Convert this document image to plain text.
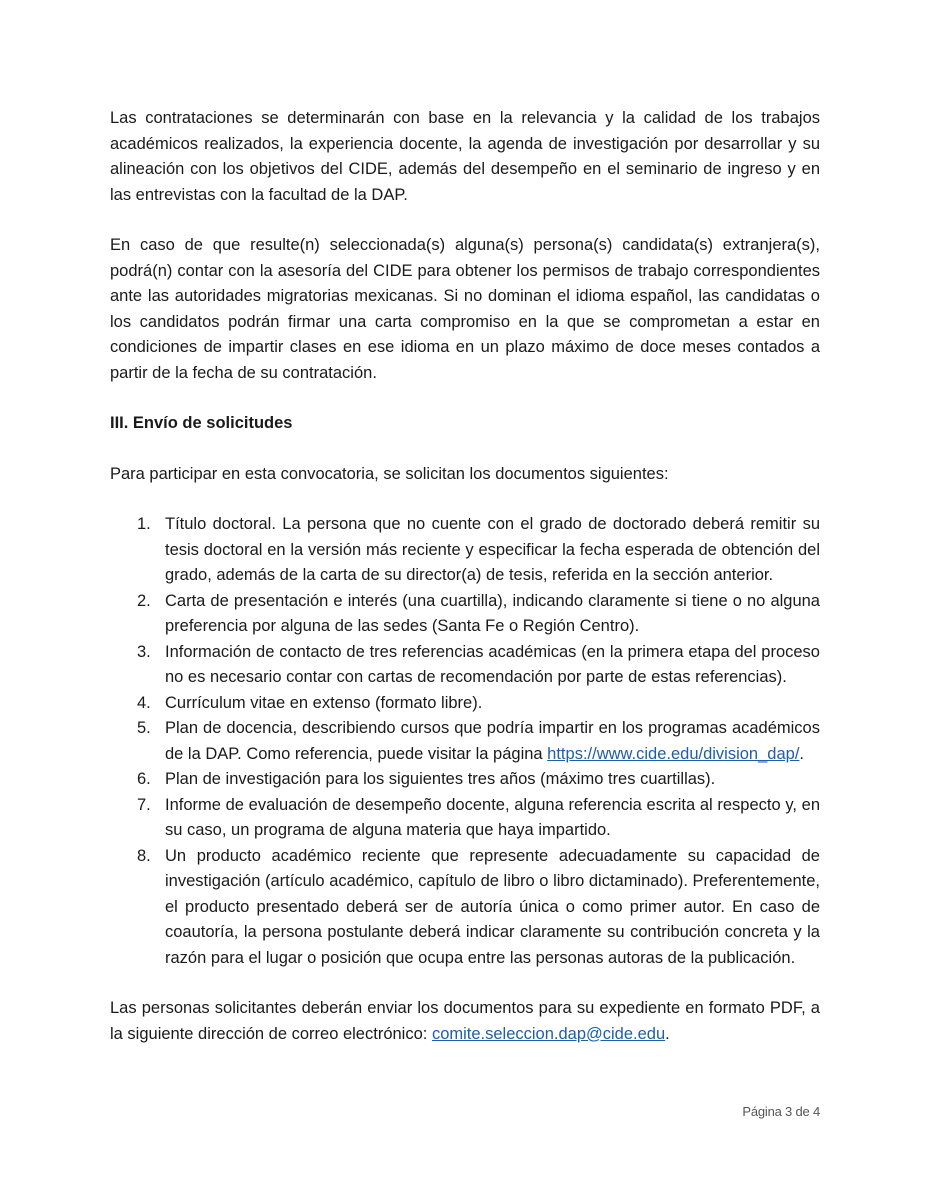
Las contrataciones se determinarán con base en la relevancia y la calidad de los trabajos académicos realizados, la experiencia docente, la agenda de investigación por desarrollar y su alineación con los objetivos del CIDE, además del desempeño en el seminario de ingreso y en las entrevistas con la facultad de la DAP.

En caso de que resulte(n) seleccionada(s) alguna(s) persona(s) candidata(s) extranjera(s), podrá(n) contar con la asesoría del CIDE para obtener los permisos de trabajo correspondientes ante las autoridades migratorias mexicanas. Si no dominan el idioma español, las candidatas o los candidatos podrán firmar una carta compromiso en la que se comprometan a estar en condiciones de impartir clases en ese idioma en un plazo máximo de doce meses contados a partir de la fecha de su contratación.

III. Envío de solicitudes

Para participar en esta convocatoria, se solicitan los documentos siguientes:

1. Título doctoral. La persona que no cuente con el grado de doctorado deberá remitir su tesis doctoral en la versión más reciente y especificar la fecha esperada de obtención del grado, además de la carta de su director(a) de tesis, referida en la sección anterior.
2. Carta de presentación e interés (una cuartilla), indicando claramente si tiene o no alguna preferencia por alguna de las sedes (Santa Fe o Región Centro).
3. Información de contacto de tres referencias académicas (en la primera etapa del proceso no es necesario contar con cartas de recomendación por parte de estas referencias).
4. Currículum vitae en extenso (formato libre).
5. Plan de docencia, describiendo cursos que podría impartir en los programas académicos de la DAP. Como referencia, puede visitar la página https://www.cide.edu/division_dap/.
6. Plan de investigación para los siguientes tres años (máximo tres cuartillas).
7. Informe de evaluación de desempeño docente, alguna referencia escrita al respecto y, en su caso, un programa de alguna materia que haya impartido.
8. Un producto académico reciente que represente adecuadamente su capacidad de investigación (artículo académico, capítulo de libro o libro dictaminado). Preferentemente, el producto presentado deberá ser de autoría única o como primer autor. En caso de coautoría, la persona postulante deberá indicar claramente su contribución concreta y la razón para el lugar o posición que ocupa entre las personas autoras de la publicación.

Las personas solicitantes deberán enviar los documentos para su expediente en formato PDF, a la siguiente dirección de correo electrónico: comite.seleccion.dap@cide.edu.

Página 3 de 4
